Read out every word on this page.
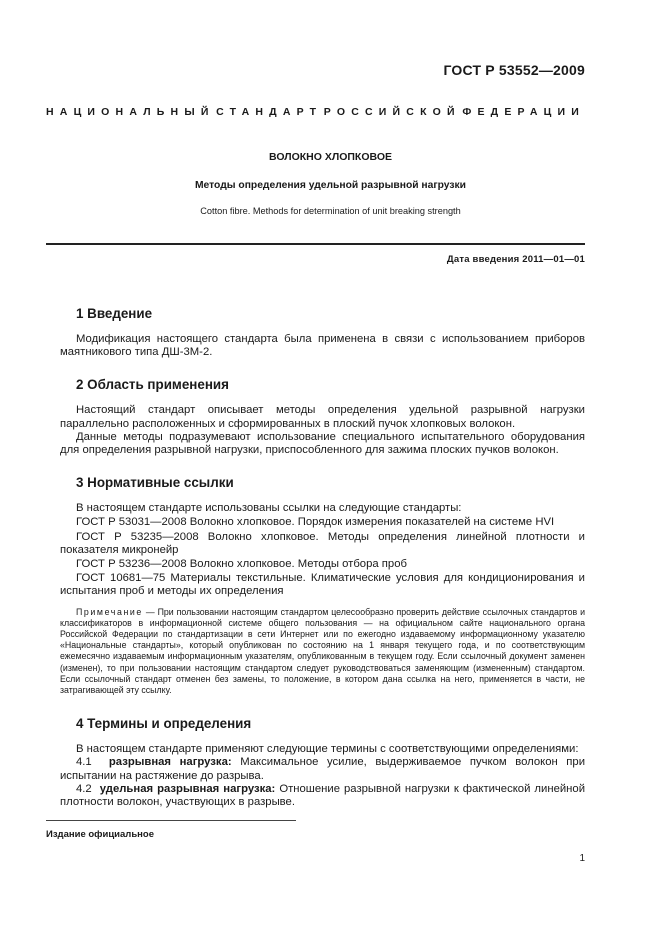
ГОСТ Р 53552—2009
НАЦИОНАЛЬНЫЙ СТАНДАРТ РОССИЙСКОЙ ФЕДЕРАЦИИ
ВОЛОКНО ХЛОПКОВОЕ
Методы определения удельной разрывной нагрузки
Cotton fibre. Methods for determination of unit breaking strength
Дата введения 2011—01—01
1 Введение

Модификация настоящего стандарта была применена в связи с использованием приборов маятникового типа ДШ-3М-2.

2 Область применения

Настоящий стандарт описывает методы определения удельной разрывной нагрузки параллельно расположенных и сформированных в плоский пучок хлопковых волокон.

Данные методы подразумевают использование специального испытательного оборудования для определения разрывной нагрузки, приспособленного для зажима плоских пучков волокон.

3 Нормативные ссылки

В настоящем стандарте использованы ссылки на следующие стандарты:

ГОСТ Р 53031—2008 Волокно хлопковое. Порядок измерения показателей на системе HVI

ГОСТ Р 53235—2008 Волокно хлопковое. Методы определения линейной плотности и показателя микронейр

ГОСТ Р 53236—2008 Волокно хлопковое. Методы отбора проб

ГОСТ 10681—75 Материалы текстильные. Климатические условия для кондиционирования и испытания проб и методы их определения

Примечание — При пользовании настоящим стандартом целесообразно проверить действие ссылочных стандартов и классификаторов в информационной системе общего пользования — на официальном сайте национального органа Российской Федерации по стандартизации в сети Интернет или по ежегодно издаваемому информационному указателю «Национальные стандарты», который опубликован по состоянию на 1 января текущего года, и по соответствующим ежемесячно издаваемым информационным указателям, опубликованным в текущем году. Если ссылочный документ заменен (изменен), то при пользовании настоящим стандартом следует руководствоваться заменяющим (измененным) стандартом. Если ссылочный стандарт отменен без замены, то положение, в котором дана ссылка на него, применяется в части, не затрагивающей эту ссылку.

4 Термины и определения

В настоящем стандарте применяют следующие термины с соответствующими определениями:

4.1 разрывная нагрузка: Максимальное усилие, выдерживаемое пучком волокон при испытании на растяжение до разрыва.

4.2 удельная разрывная нагрузка: Отношение разрывной нагрузки к фактической линейной плотности волокон, участвующих в разрыве.

Издание официальное
1
